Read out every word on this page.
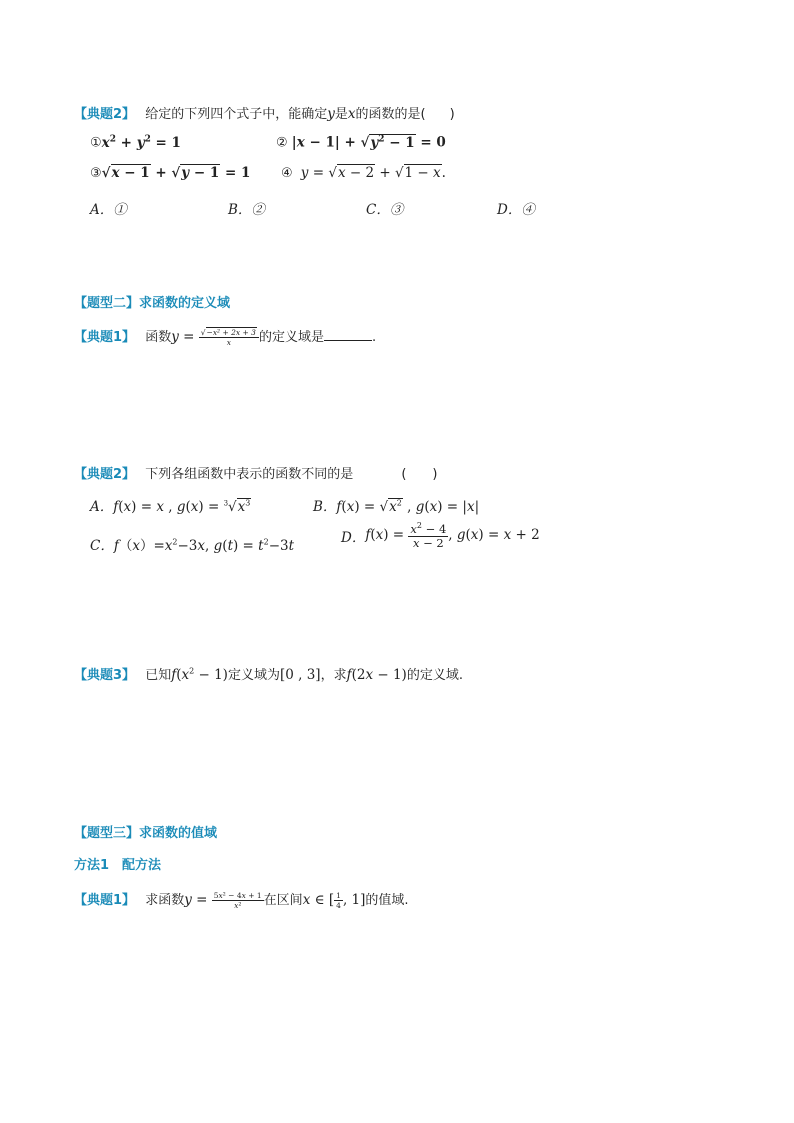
【典题2】 给定的下列四个式子中，能确定y是x的函数的是( )
$①x^2 + y^2 = 1$	② $|x - 1| + √y^2 - 1 = 0$
③√x − 1 + √y − 1 = 1 ④ y = √x − 2 + √1 − x.
A．①	B．②	C．③	D．④
【题型二】求函数的定义域
【典题1】 函数$y = \frac{\text{√−x² + 2x + 3}}{x}$ 的定义域是	.
【典题2】 下列各组函数中表示的函数不同的是	(　　)
A．f(x) = x , $g(x) = ^3√x^3$	B．$f(x) = √x^2$ , g(x) = |x|
C．$f(x)=x^2-3x$, $g(t) = t^2-3t$
D．$f(x) = \frac{x^2 - 4}{x - 2}$ , g(x) = x + 2
【典题3】 已知$f(x^2 - 1)$定义域为[0 , 3]，求f(2x − 1)的定义域.
【题型三】求函数的值域
方法1　配方法
【典题1】 求函数$y = \frac{\text{5x² − 4x + 1}}{\text{x²}}$ 在区间x ∈ [ $\frac{1}{4}$ , 1]的值域.
